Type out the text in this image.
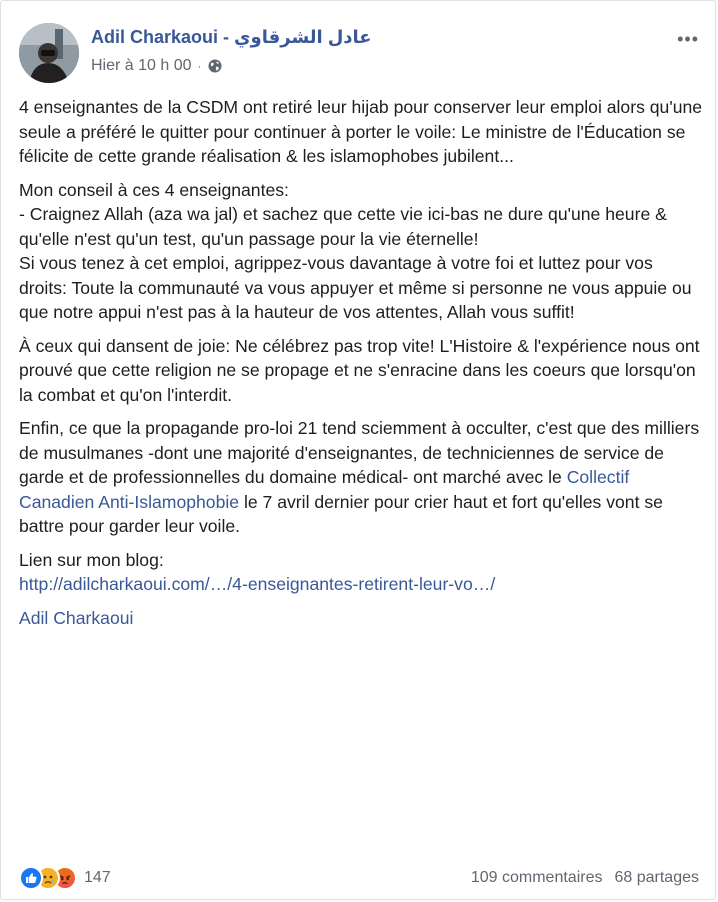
Adil Charkaoui - عادل الشرقاوي
Hier à 10 h 00 ·
•••

4 enseignantes de la CSDM ont retiré leur hijab pour conserver leur emploi alors qu'une seule a préféré le quitter pour continuer à porter le voile: Le ministre de l'Éducation se félicite de cette grande réalisation & les islamophobes jubilent...

Mon conseil à ces 4 enseignantes:
- Craignez Allah (aza wa jal) et sachez que cette vie ici-bas ne dure qu'une heure & qu'elle n'est qu'un test, qu'un passage pour la vie éternelle!
Si vous tenez à cet emploi, agrippez-vous davantage à votre foi et luttez pour vos droits: Toute la communauté va vous appuyer et même si personne ne vous appuie ou que notre appui n'est pas à la hauteur de vos attentes, Allah vous suffit!

À ceux qui dansent de joie: Ne célébrez pas trop vite! L'Histoire & l'expérience nous ont prouvé que cette religion ne se propage et ne s'enracine dans les coeurs que lorsqu'on la combat et qu'on l'interdit.

Enfin, ce que la propagande pro-loi 21 tend sciemment à occulter, c'est que des milliers de musulmanes -dont une majorité d'enseignantes, de techniciennes de service de garde et de professionnelles du domaine médical- ont marché avec le Collectif Canadien Anti-Islamophobie le 7 avril dernier pour crier haut et fort qu'elles vont se battre pour garder leur voile.

Lien sur mon blog:
http://adilcharkaoui.com/…/4-enseignantes-retirent-leur-vo…/

Adil Charkaoui

147	109 commentaires 68 partages
